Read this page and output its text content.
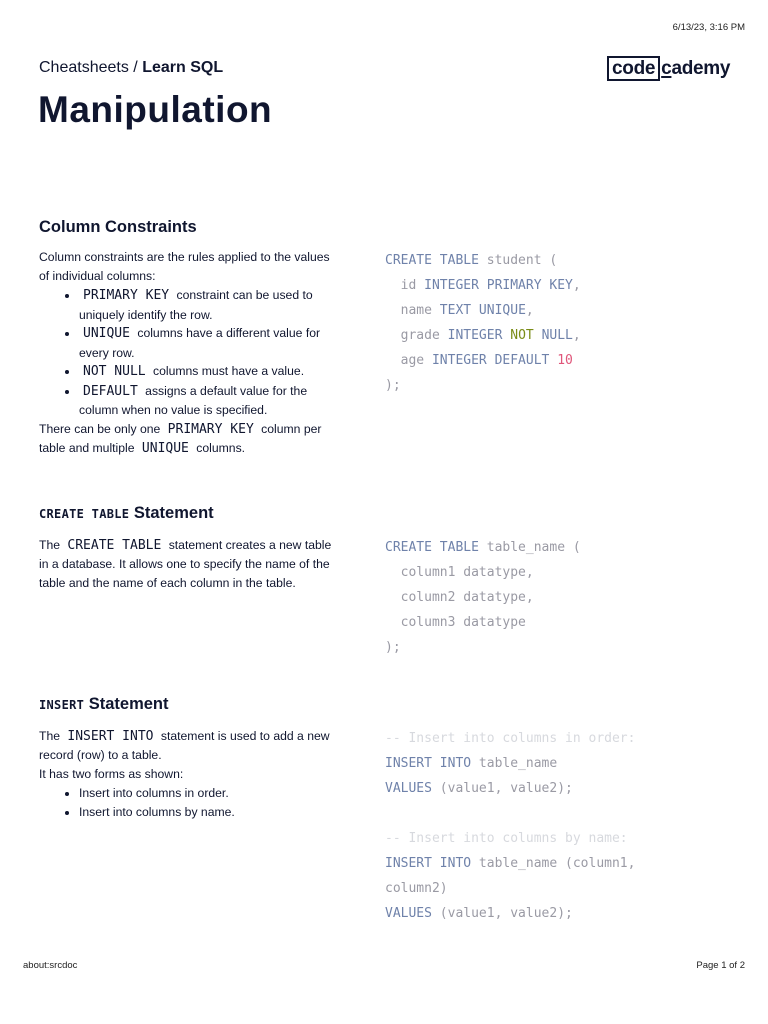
6/13/23, 3:16 PM
Cheatsheets / Learn SQL	code cademy
Manipulation
Column Constraints

Column constraints are the rules applied to the values of individual columns:

• PRIMARY KEY constraint can be used to uniquely identify the row.
• UNIQUE columns have a different value for every row.
• NOT NULL columns must have a value.
• DEFAULT assigns a default value for the column when no value is specified.

There can be only one PRIMARY KEY column per table and multiple UNIQUE columns.

CREATE TABLE student (
id INTEGER PRIMARY KEY,
name TEXT UNIQUE,
grade INTEGER NOT NULL,
age INTEGER DEFAULT 10
);
CREATE TABLE Statement

The CREATE TABLE statement creates a new table in a database. It allows one to specify the name of the table and the name of each column in the table.

CREATE TABLE table_name (
column1 datatype,
column2 datatype,
column3 datatype
);
INSERT Statement

The INSERT INTO statement is used to add a new record (row) to a table.

It has two forms as shown:

• Insert into columns in order.
• Insert into columns by name.
-- Insert into columns in order:
INSERT INTO table_name
VALUES (value1, value2);

-- Insert into columns by name:
INSERT INTO table_name (column1,
column2)
VALUES (value1, value2);
about:srcdoc	Page 1 of 2
